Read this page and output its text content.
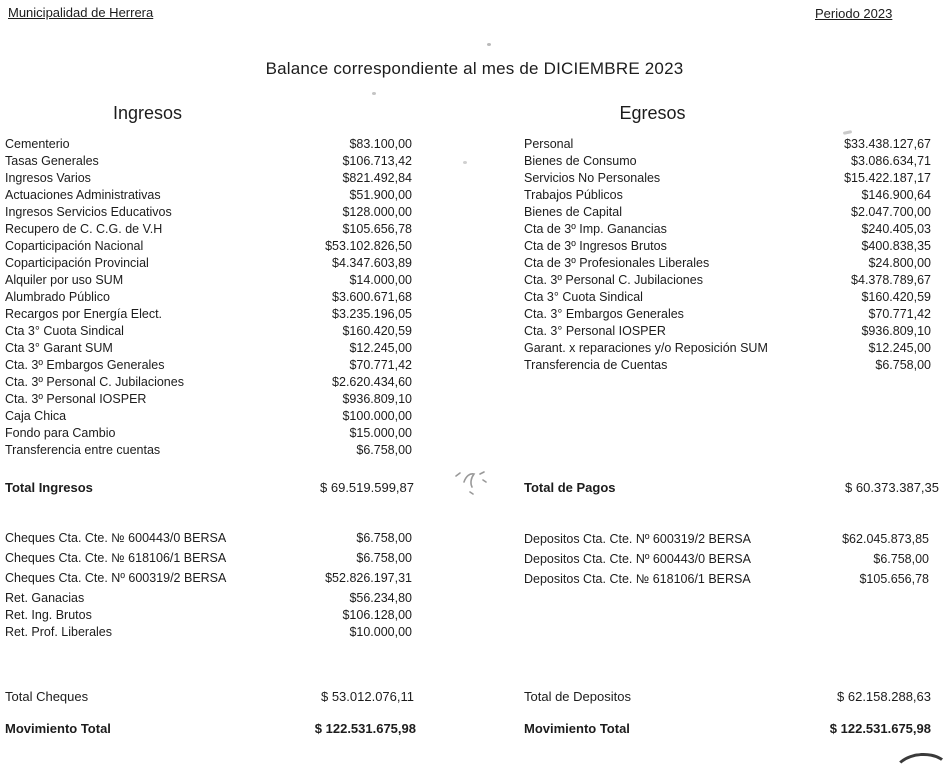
Municipalidad de Herrera	Periodo 2023
Balance correspondiente al mes de DICIEMBRE 2023
Ingresos	Egresos
Cementerio	$83.100,00
Tasas Generales	$106.713,42
Ingresos Varios	$821.492,84
Actuaciones Administrativas	$51.900,00
Ingresos Servicios Educativos	$128.000,00
Recupero de C. C.G. de V.H	$105.656,78
Coparticipación Nacional	$53.102.826,50
Coparticipación Provincial	$4.347.603,89
Alquiler por uso SUM	$14.000,00
Alumbrado Público	$3.600.671,68
Recargos por Energía Elect.	$3.235.196,05
Cta 3° Cuota Sindical	$160.420,59
Cta 3° Garant SUM	$12.245,00
Cta. 3º Embargos Generales	$70.771,42
Cta. 3º Personal C. Jubilaciones	$2.620.434,60
Cta. 3º Personal IOSPER	$936.809,10
Caja Chica	$100.000,00
Fondo para Cambio	$15.000,00
Transferencia entre cuentas	$6.758,00
Personal	$33.438.127,67
Bienes de Consumo	$3.086.634,71
Servicios No Personales	$15.422.187,17
Trabajos Públicos	$146.900,64
Bienes de Capital	$2.047.700,00
Cta de 3º Imp. Ganancias	$240.405,03
Cta de 3º Ingresos Brutos	$400.838,35
Cta de 3º Profesionales Liberales	$24.800,00
Cta. 3º Personal C. Jubilaciones	$4.378.789,67
Cta 3° Cuota Sindical	$160.420,59
Cta. 3° Embargos Generales	$70.771,42
Cta. 3° Personal IOSPER	$936.809,10
Garant. x reparaciones y/o Reposición SUM	$12.245,00
Transferencia de Cuentas	$6.758,00
Total Ingresos	$ 69.519.599,87	Total de Pagos	$ 60.373.387,35
Cheques Cta. Cte. № 600443/0 BERSA	$6.758,00
Cheques Cta. Cte. № 618106/1 BERSA	$6.758,00
Cheques Cta. Cte. Nº 600319/2 BERSA	$52.826.197,31
Ret. Ganacias	$56.234,80
Ret. Ing. Brutos	$106.128,00
Ret. Prof. Liberales	$10.000,00
Depositos Cta. Cte. Nº 600319/2 BERSA	$62.045.873,85
Depositos Cta. Cte. Nº 600443/0 BERSA	$6.758,00
Depositos Cta. Cte. № 618106/1 BERSA	$105.656,78
Total Cheques	$ 53.012.076,11	Total de Depositos	$ 62.158.288,63
Movimiento Total	$ 122.531.675,98	Movimiento Total	$ 122.531.675,98
